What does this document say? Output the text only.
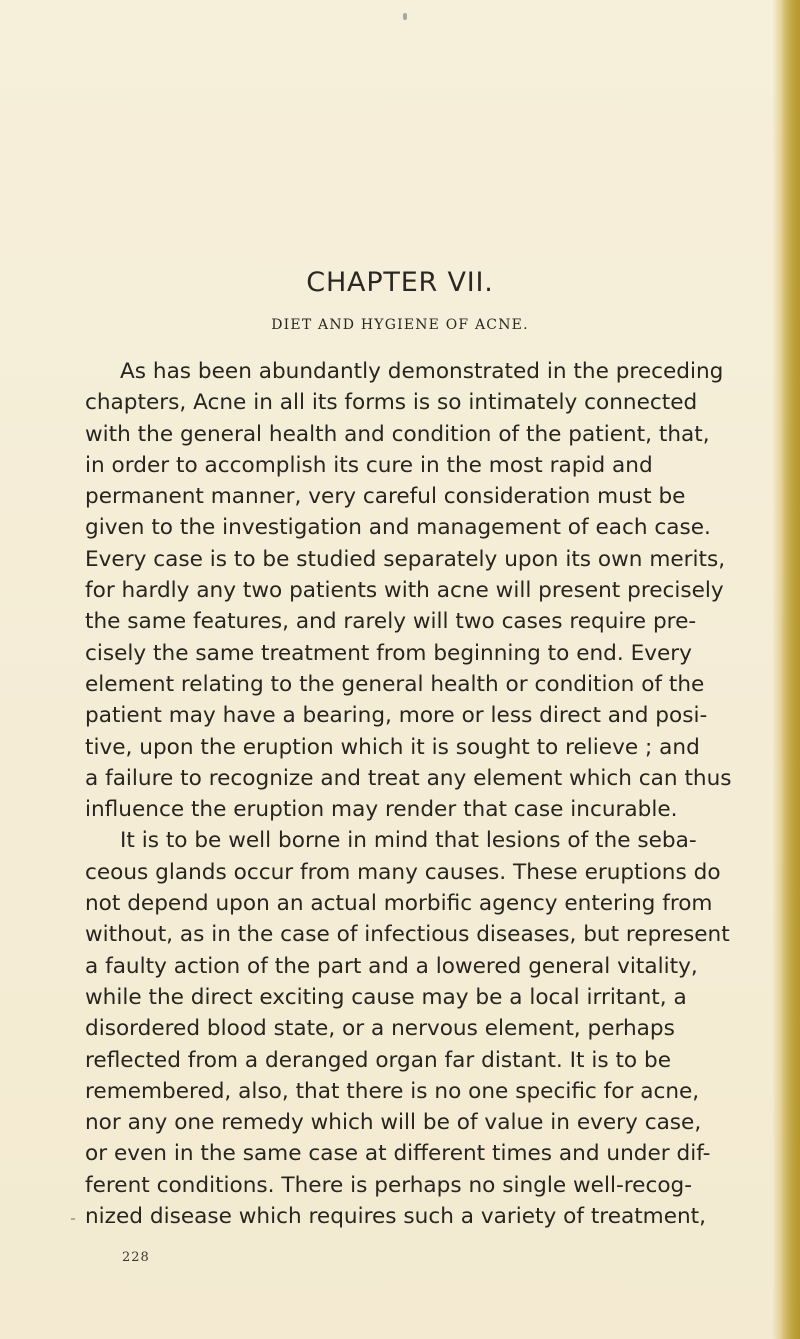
CHAPTER VII.
DIET AND HYGIENE OF ACNE.
As has been abundantly demonstrated in the preceding
chapters, Acne in all its forms is so intimately connected
with the general health and condition of the patient, that,
in order to accomplish its cure in the most rapid and
permanent manner, very careful consideration must be
given to the investigation and management of each case.
Every case is to be studied separately upon its own merits,
for hardly any two patients with acne will present precisely
the same features, and rarely will two cases require pre-
cisely the same treatment from beginning to end. Every
element relating to the general health or condition of the
patient may have a bearing, more or less direct and posi-
tive, upon the eruption which it is sought to relieve ; and
a failure to recognize and treat any element which can thus
influence the eruption may render that case incurable.
It is to be well borne in mind that lesions of the seba-
ceous glands occur from many causes. These eruptions do
not depend upon an actual morbific agency entering from
without, as in the case of infectious diseases, but represent
a faulty action of the part and a lowered general vitality,
while the direct exciting cause may be a local irritant, a
disordered blood state, or a nervous element, perhaps
reflected from a deranged organ far distant. It is to be
remembered, also, that there is no one specific for acne,
nor any one remedy which will be of value in every case,
or even in the same case at different times and under dif-
ferent conditions. There is perhaps no single well-recog-
nized disease which requires such a variety of treatment,
228
